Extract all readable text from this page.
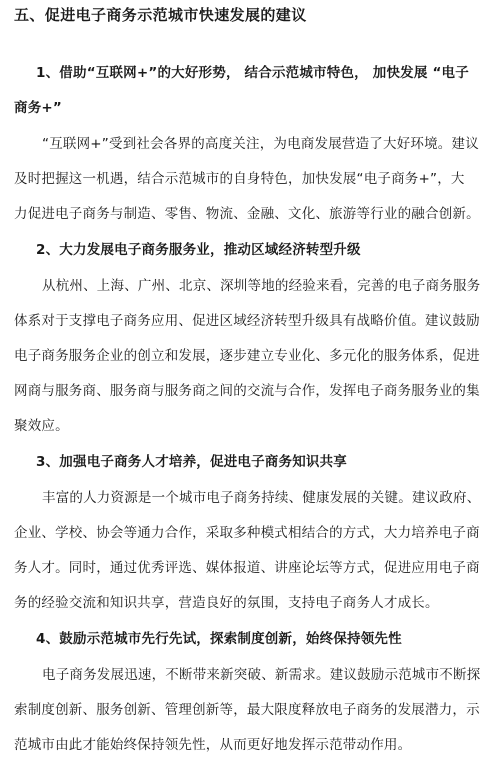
五、促进电子商务示范城市快速发展的建议
1、借助“互联网+”的大好形势， 结合示范城市特色， 加快发展 “电子
商务+”
“互联网+”受到社会各界的高度关注，为电商发展营造了大好环境。建议
及时把握这一机遇，结合示范城市的自身特色，加快发展“电子商务+”，大
力促进电子商务与制造、零售、物流、金融、文化、旅游等行业的融合创新。
2、大力发展电子商务服务业，推动区域经济转型升级
从杭州、上海、广州、北京、深圳等地的经验来看，完善的电子商务服务
体系对于支撑电子商务应用、促进区域经济转型升级具有战略价值。建议鼓励
电子商务服务企业的创立和发展，逐步建立专业化、多元化的服务体系，促进
网商与服务商、服务商与服务商之间的交流与合作，发挥电子商务服务业的集
聚效应。
3、加强电子商务人才培养，促进电子商务知识共享
丰富的人力资源是一个城市电子商务持续、健康发展的关键。建议政府、
企业、学校、协会等通力合作，采取多种模式相结合的方式，大力培养电子商
务人才。同时，通过优秀评选、媒体报道、讲座论坛等方式，促进应用电子商
务的经验交流和知识共享，营造良好的氛围，支持电子商务人才成长。
4、鼓励示范城市先行先试，探索制度创新，始终保持领先性
电子商务发展迅速，不断带来新突破、新需求。建议鼓励示范城市不断探
索制度创新、服务创新、管理创新等，最大限度释放电子商务的发展潜力，示
范城市由此才能始终保持领先性，从而更好地发挥示范带动作用。
